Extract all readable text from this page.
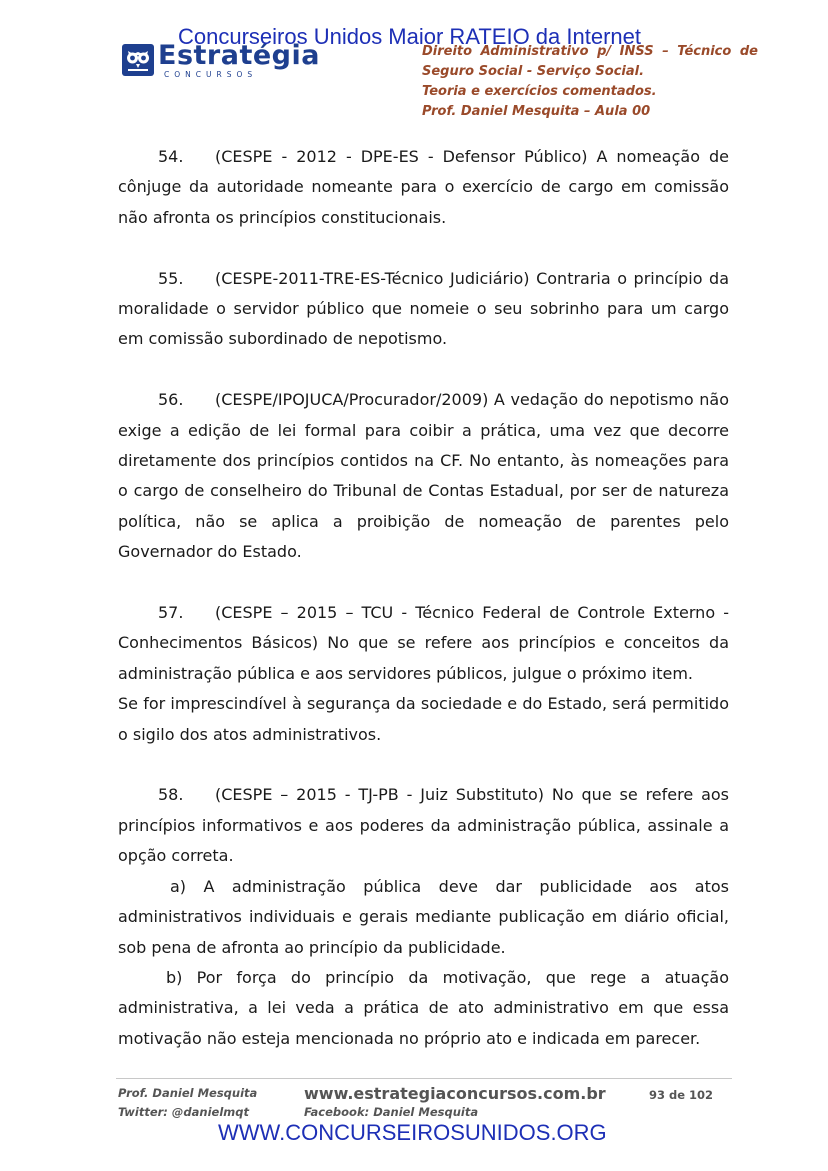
Estratégia
CONCURSOS
Concurseiros Unidos Maior RATEIO da Internet
Direito Administrativo p/ INSS – Técnico de
Seguro Social - Serviço Social.
Teoria e exercícios comentados.
Prof. Daniel Mesquita – Aula 00

54. (CESPE - 2012 - DPE-ES - Defensor Público) A nomeação de cônjuge da autoridade nomeante para o exercício de cargo em comissão não afronta os princípios constitucionais.

55. (CESPE-2011-TRE-ES-Técnico Judiciário) Contraria o princípio da moralidade o servidor público que nomeie o seu sobrinho para um cargo em comissão subordinado de nepotismo.

56. (CESPE/IPOJUCA/Procurador/2009) A vedação do nepotismo não exige a edição de lei formal para coibir a prática, uma vez que decorre diretamente dos princípios contidos na CF. No entanto, às nomeações para o cargo de conselheiro do Tribunal de Contas Estadual, por ser de natureza política, não se aplica a proibição de nomeação de parentes pelo Governador do Estado.

57. (CESPE – 2015 – TCU - Técnico Federal de Controle Externo - Conhecimentos Básicos) No que se refere aos princípios e conceitos da administração pública e aos servidores públicos, julgue o próximo item.

Se for imprescindível à segurança da sociedade e do Estado, será permitido o sigilo dos atos administrativos.

58. (CESPE – 2015 - TJ-PB - Juiz Substituto) No que se refere aos princípios informativos e aos poderes da administração pública, assinale a opção correta.

a) A administração pública deve dar publicidade aos atos administrativos individuais e gerais mediante publicação em diário oficial, sob pena de afronta ao princípio da publicidade.

b) Por força do princípio da motivação, que rege a atuação administrativa, a lei veda a prática de ato administrativo em que essa motivação não esteja mencionada no próprio ato e indicada em parecer.

Prof. Daniel Mesquita
Twitter: @danielmqt
www.estrategiaconcursos.com.br
Facebook: Daniel Mesquita
93 de 102
WWW.CONCURSEIROSUNIDOS.ORG
